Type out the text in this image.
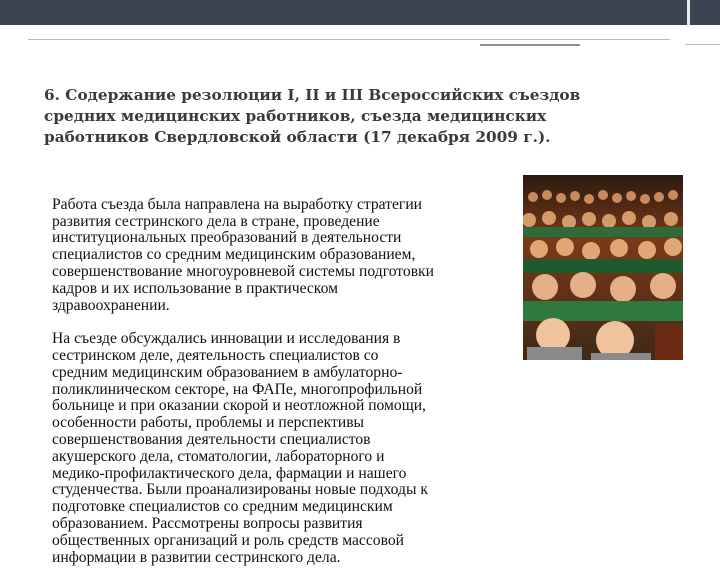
6. Содержание резолюции I, II и III Всероссийских съездов средних медицинских работников, съезда медицинских работников Свердловской области (17 декабря 2009 г.).

Работа съезда была направлена на выработку стратегии
развития сестринского дела в стране, проведение
институциональных преобразований в деятельности
специалистов со средним медицинским образованием,
совершенствование многоуровневой системы подготовки
кадров и их использование в практическом
здравоохранении.

На съезде обсуждались инновации и исследования в
сестринском деле, деятельность специалистов со
средним медицинским образованием в амбулаторно-
поликлиническом секторе, на ФАПе, многопрофильной
больнице и при оказании скорой и неотложной помощи,
особенности работы, проблемы и перспективы
совершенствования деятельности специалистов
акушерского дела, стоматологии, лабораторного и
медико-профилактического дела, фармации и нашего
студенчества. Были проанализированы новые подходы к
подготовке специалистов со средним медицинским
образованием. Рассмотрены вопросы развития
общественных организаций и роль средств массовой
информации в развитии сестринского дела.
